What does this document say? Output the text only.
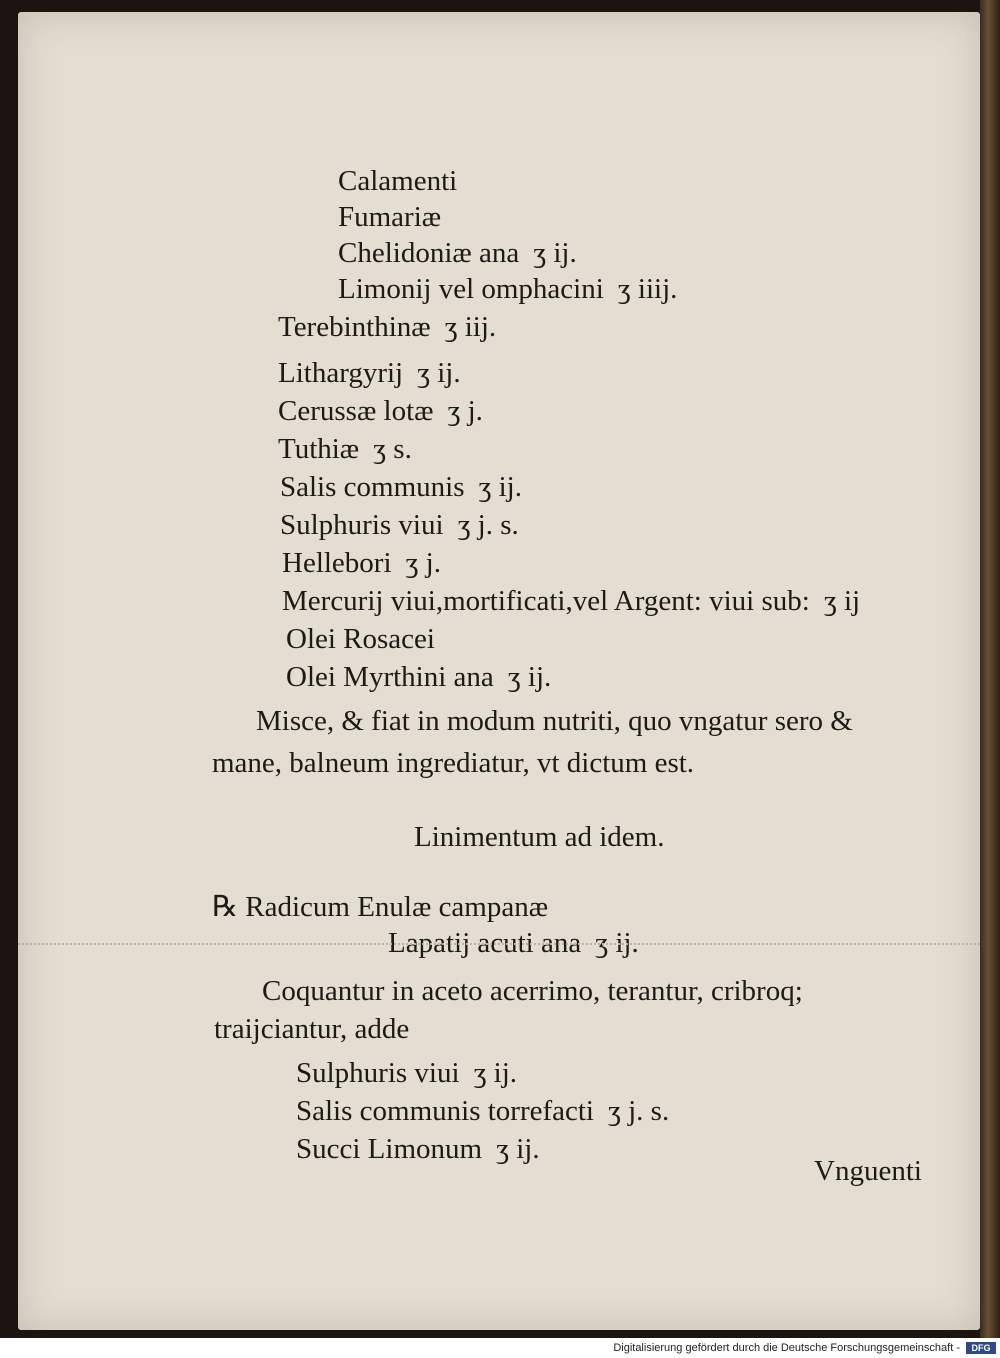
Calamenti
Fumariæ
Chelidoniæ ana ʒ ij.
Limonij vel omphacini ʒ iiij.
Terebinthinæ ʒ iij.
Lithargyrij ʒ ij.
Cerussæ lotæ ʒ j.
Tuthiæ ʒ s.
Salis communis ʒ ij.
Sulphuris viui ʒ j. s.
Hellebori ʒ j.
Mercurij viui,mortificati,vel Argent: viui sub: ʒ ij
Olei Rosacei
Olei Myrthini ana ʒ ij.
Misce, & fiat in modum nutriti, quo vngatur sero &
mane, balneum ingrediatur, vt dictum est.
Linimentum ad idem.
℞ Radicum Enulæ campanæ
Lapatij acuti ana ʒ ij.
Coquantur in aceto acerrimo, terantur, cribroq;
traijciantur, adde
Sulphuris viui ʒ ij.
Salis communis torrefacti ʒ j. s.
Succi Limonum ʒ ij.
Vnguenti
Digitalisierung gefördert durch die Deutsche Forschungsgemeinschaft -	DFG
